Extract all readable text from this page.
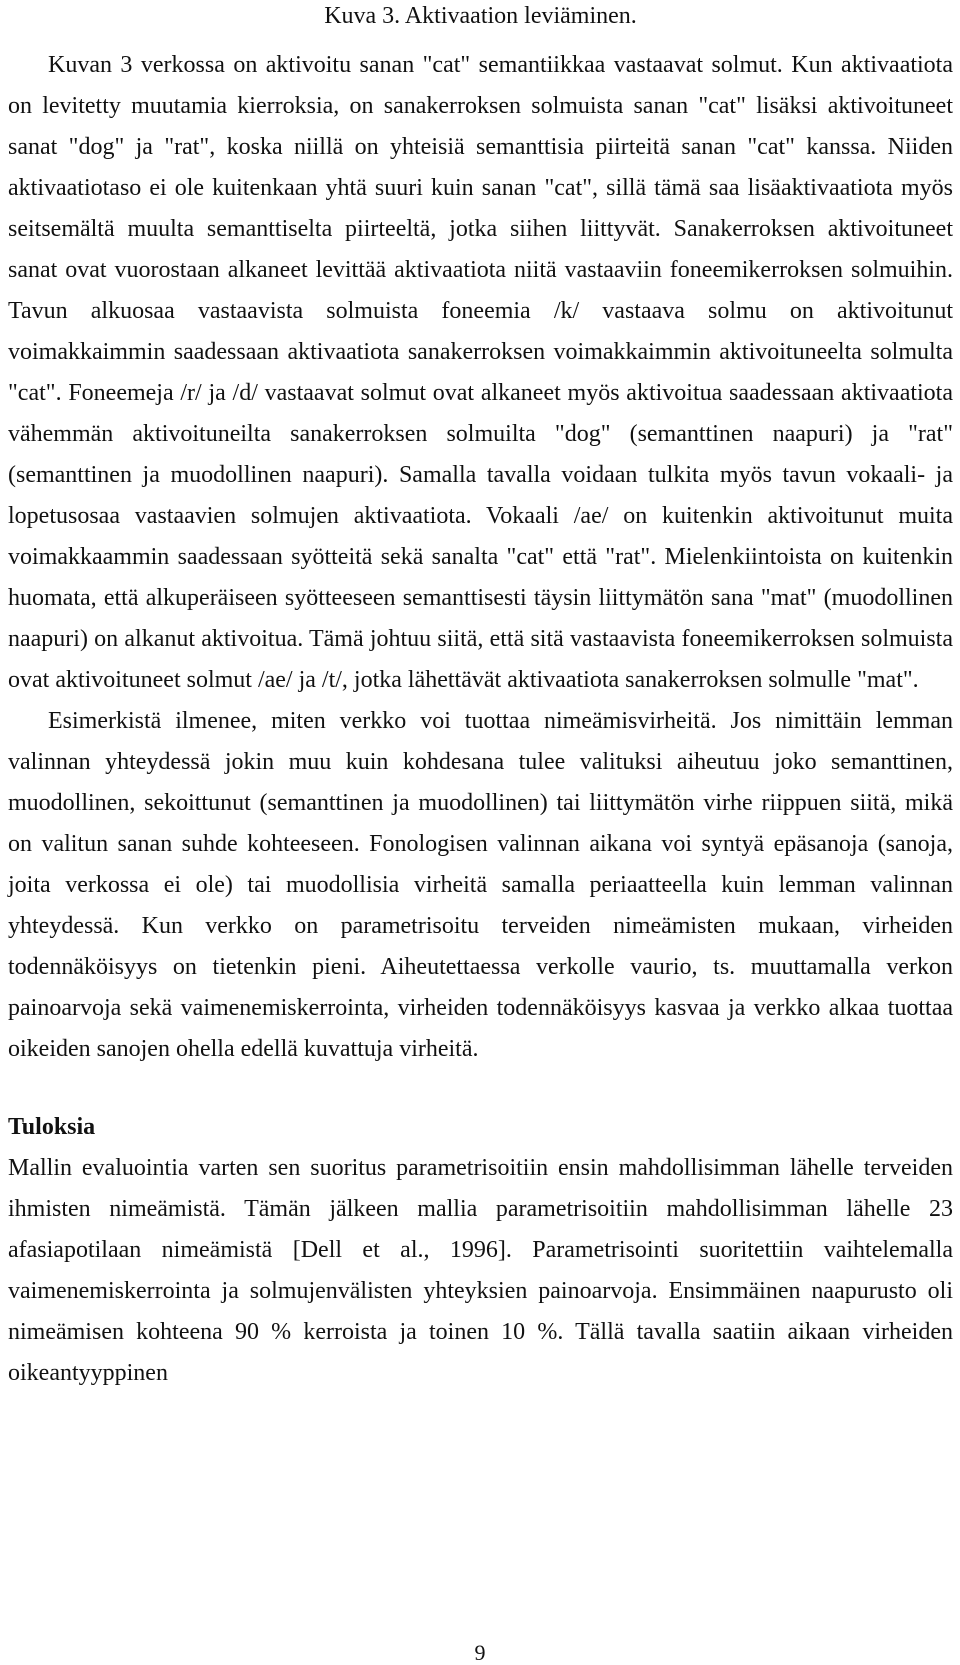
Kuva 3. Aktivaation leviäminen.

Kuvan 3 verkossa on aktivoitu sanan "cat" semantiikkaa vastaavat solmut. Kun aktivaatiota on levitetty muutamia kierroksia, on sanakerroksen solmuista sanan "cat" lisäksi aktivoituneet sanat "dog" ja "rat", koska niillä on yhteisiä semanttisia piirteitä sanan "cat" kanssa. Niiden aktivaatiotaso ei ole kuitenkaan yhtä suuri kuin sanan "cat", sillä tämä saa lisäaktivaatiota myös seitsemältä muulta semanttiselta piirteeltä, jotka siihen liittyvät. Sanakerroksen aktivoituneet sanat ovat vuorostaan alkaneet levittää aktivaatiota niitä vastaaviin foneemikerroksen solmuihin. Tavun alkuosaa vastaavista solmuista foneemia /k/ vastaava solmu on aktivoitunut voimakkaimmin saadessaan aktivaatiota sanakerroksen voimakkaimmin aktivoituneelta solmulta "cat". Foneemeja /r/ ja /d/ vastaavat solmut ovat alkaneet myös aktivoitua saadessaan aktivaatiota vähemmän aktivoituneilta sanakerroksen solmuilta "dog" (semanttinen naapuri) ja "rat" (semanttinen ja muodollinen naapuri). Samalla tavalla voidaan tulkita myös tavun vokaali- ja lopetusosaa vastaavien solmujen aktivaatiota. Vokaali /ae/ on kuitenkin aktivoitunut muita voimakkaammin saadessaan syötteitä sekä sanalta "cat" että "rat". Mielenkiintoista on kuitenkin huomata, että alkuperäiseen syötteeseen semanttisesti täysin liittymätön sana "mat" (muodollinen naapuri) on alkanut aktivoitua. Tämä johtuu siitä, että sitä vastaavista foneemikerroksen solmuista ovat aktivoituneet solmut /ae/ ja /t/, jotka lähettävät aktivaatiota sanakerroksen solmulle "mat".

Esimerkistä ilmenee, miten verkko voi tuottaa nimeämisvirheitä. Jos nimittäin lemman valinnan yhteydessä jokin muu kuin kohdesana tulee valituksi aiheutuu joko semanttinen, muodollinen, sekoittunut (semanttinen ja muodollinen) tai liittymätön virhe riippuen siitä, mikä on valitun sanan suhde kohteeseen. Fonologisen valinnan aikana voi syntyä epäsanoja (sanoja, joita verkossa ei ole) tai muodollisia virheitä samalla periaatteella kuin lemman valinnan yhteydessä. Kun verkko on parametrisoitu terveiden nimeämisten mukaan, virheiden todennäköisyys on tietenkin pieni. Aiheutettaessa verkolle vaurio, ts. muuttamalla verkon painoarvoja sekä vaimenemiskerrointa, virheiden todennäköisyys kasvaa ja verkko alkaa tuottaa oikeiden sanojen ohella edellä kuvattuja virheitä.

Tuloksia

Mallin evaluointia varten sen suoritus parametrisoitiin ensin mahdollisimman lähelle terveiden ihmisten nimeämistä. Tämän jälkeen mallia parametrisoitiin mahdollisimman lähelle 23 afasiapotilaan nimeämistä [Dell et al., 1996]. Parametrisointi suoritettiin vaihtelemalla vaimenemiskerrointa ja solmujenvälisten yhteyksien painoarvoja. Ensimmäinen naapurusto oli nimeämisen kohteena 90 % kerroista ja toinen 10 %. Tällä tavalla saatiin aikaan virheiden oikeantyyppinen

9
